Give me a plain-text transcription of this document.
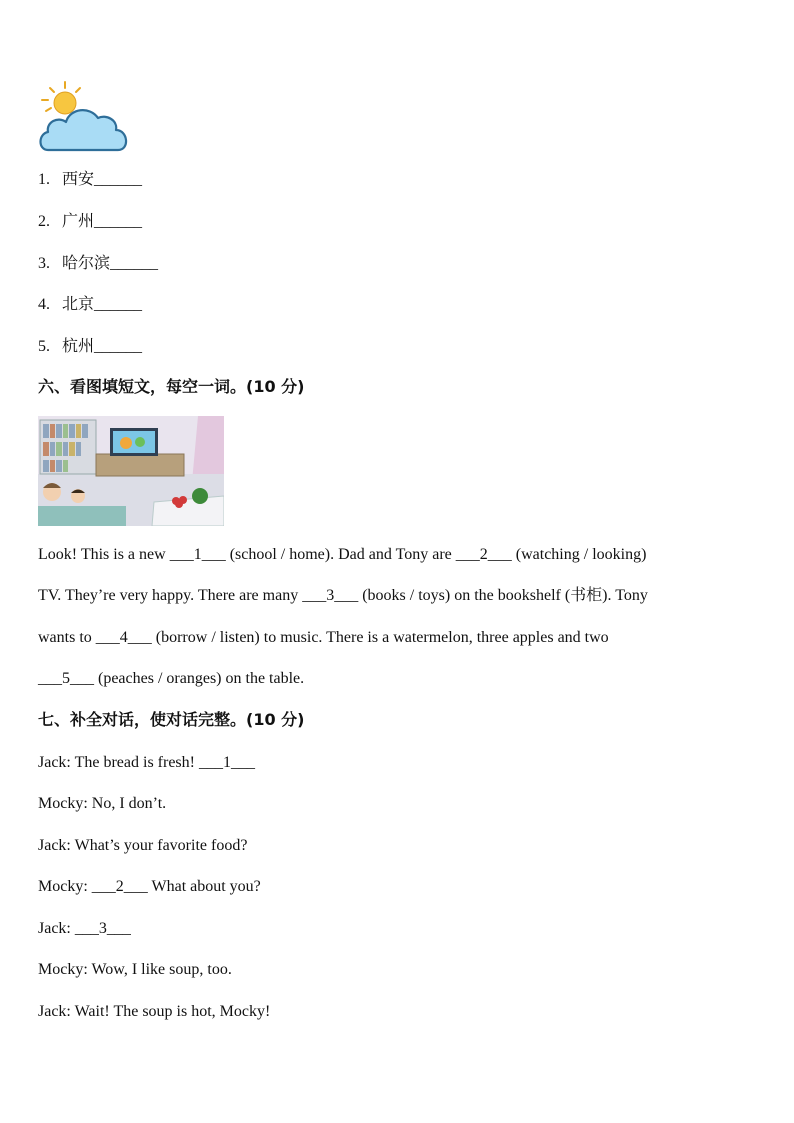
1. 西安______
2. 广州______
3. 哈尔滨______
4. 北京______
5. 杭州______
六、看图填短文，每空一词。(10 分)
Look! This is a new ___1___ (school / home). Dad and Tony are ___2___ (watching / looking)
TV. They’re very happy. There are many ___3___ (books / toys) on the bookshelf (书柜). Tony
wants to ___4___ (borrow / listen) to music. There is a watermelon, three apples and two
___5___ (peaches / oranges) on the table.
七、补全对话，使对话完整。(10 分)
Jack: The bread is fresh! ___1___
Mocky: No, I don’t.
Jack: What’s your favorite food?
Mocky: ___2___ What about you?
Jack: ___3___
Mocky: Wow, I like soup, too.
Jack: Wait! The soup is hot, Mocky!
